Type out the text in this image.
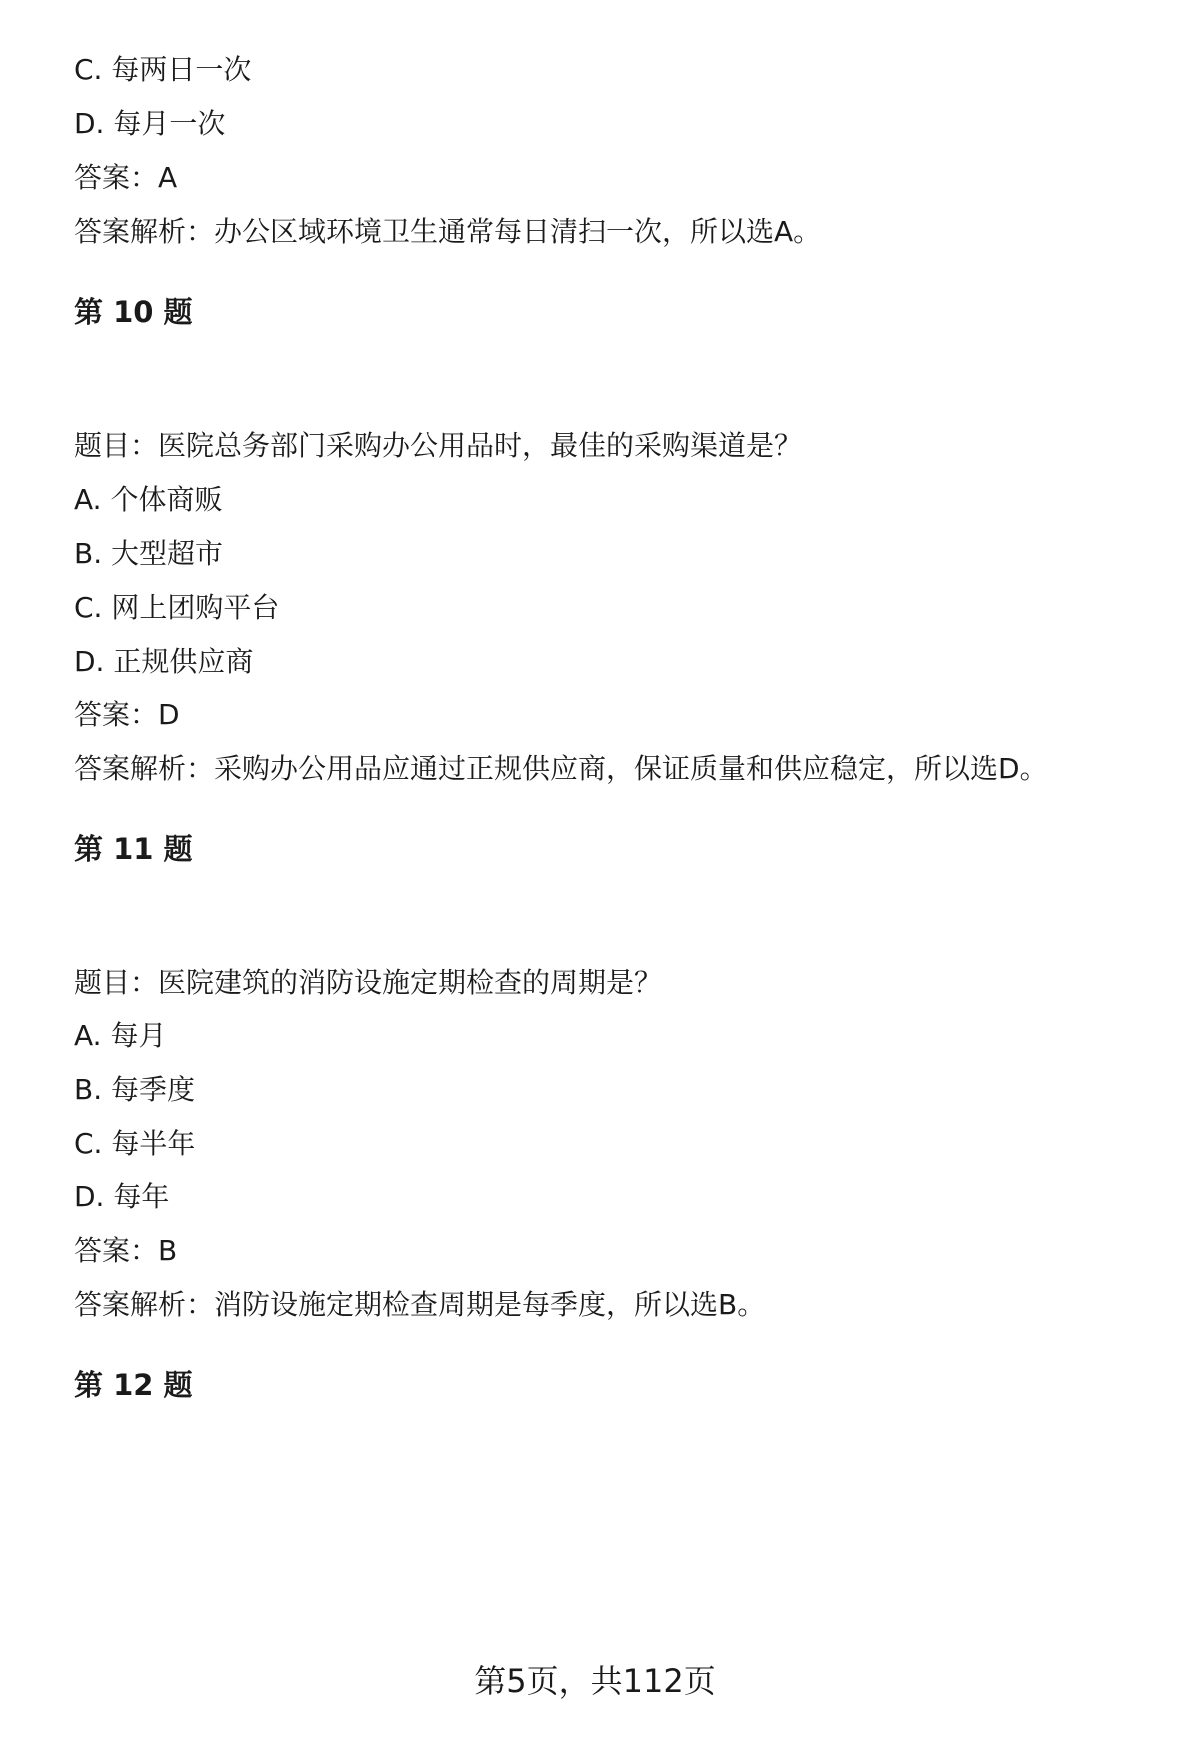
C. 每两日一次
D. 每月一次
答案：A
答案解析：办公区域环境卫生通常每日清扫一次，所以选A。
第 10 题
题目：医院总务部门采购办公用品时，最佳的采购渠道是？
A. 个体商贩
B. 大型超市
C. 网上团购平台
D. 正规供应商
答案：D
答案解析：采购办公用品应通过正规供应商，保证质量和供应稳定，所以选D。
第 11 题
题目：医院建筑的消防设施定期检查的周期是？
A. 每月
B. 每季度
C. 每半年
D. 每年
答案：B
答案解析：消防设施定期检查周期是每季度，所以选B。
第 12 题
第5页，共112页
